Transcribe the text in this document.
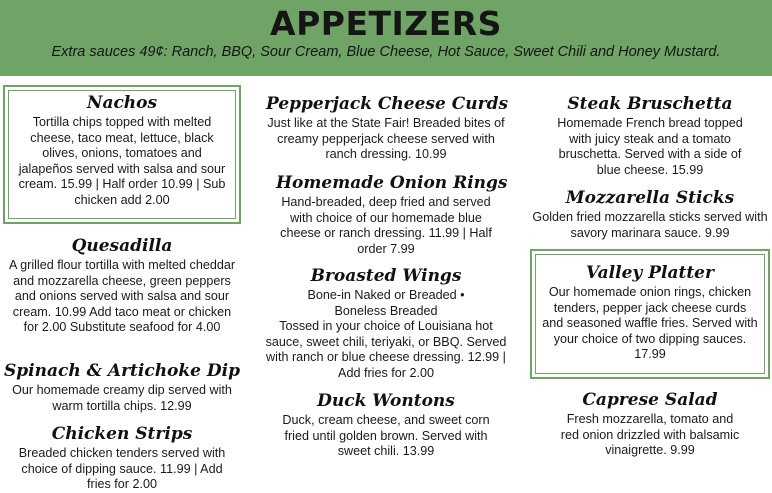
APPETIZERS
Extra sauces 49¢: Ranch, BBQ, Sour Cream, Blue Cheese, Hot Sauce, Sweet Chili and Honey Mustard.
Nachos
Tortilla chips topped with melted cheese, taco meat, lettuce, black olives, onions, tomatoes and jalapeños served with salsa and sour cream. 15.99 | Half order 10.99 | Sub chicken add 2.00
Quesadilla
A grilled flour tortilla with melted cheddar and mozzarella cheese, green peppers and onions served with salsa and sour cream. 10.99 Add taco meat or chicken for 2.00 Substitute seafood for 4.00
Spinach & Artichoke Dip
Our homemade creamy dip served with warm tortilla chips. 12.99
Chicken Strips
Breaded chicken tenders served with choice of dipping sauce. 11.99 | Add fries for 2.00
Pepperjack Cheese Curds
Just like at the State Fair! Breaded bites of creamy pepperjack cheese served with ranch dressing. 10.99
Homemade Onion Rings
Hand-breaded, deep fried and served with choice of our homemade blue cheese or ranch dressing. 11.99 | Half order 7.99
Broasted Wings
Bone-in Naked or Breaded •
Boneless Breaded
Tossed in your choice of Louisiana hot sauce, sweet chili, teriyaki, or BBQ. Served with ranch or blue cheese dressing. 12.99 | Add fries for 2.00
Duck Wontons
Duck, cream cheese, and sweet corn fried until golden brown. Served with sweet chili. 13.99
Steak Bruschetta
Homemade French bread topped with juicy steak and a tomato bruschetta. Served with a side of blue cheese. 15.99
Mozzarella Sticks
Golden fried mozzarella sticks served with savory marinara sauce. 9.99
Valley Platter
Our homemade onion rings, chicken tenders, pepper jack cheese curds and seasoned waffle fries. Served with your choice of two dipping sauces. 17.99
Caprese Salad
Fresh mozzarella, tomato and red onion drizzled with balsamic vinaigrette. 9.99
